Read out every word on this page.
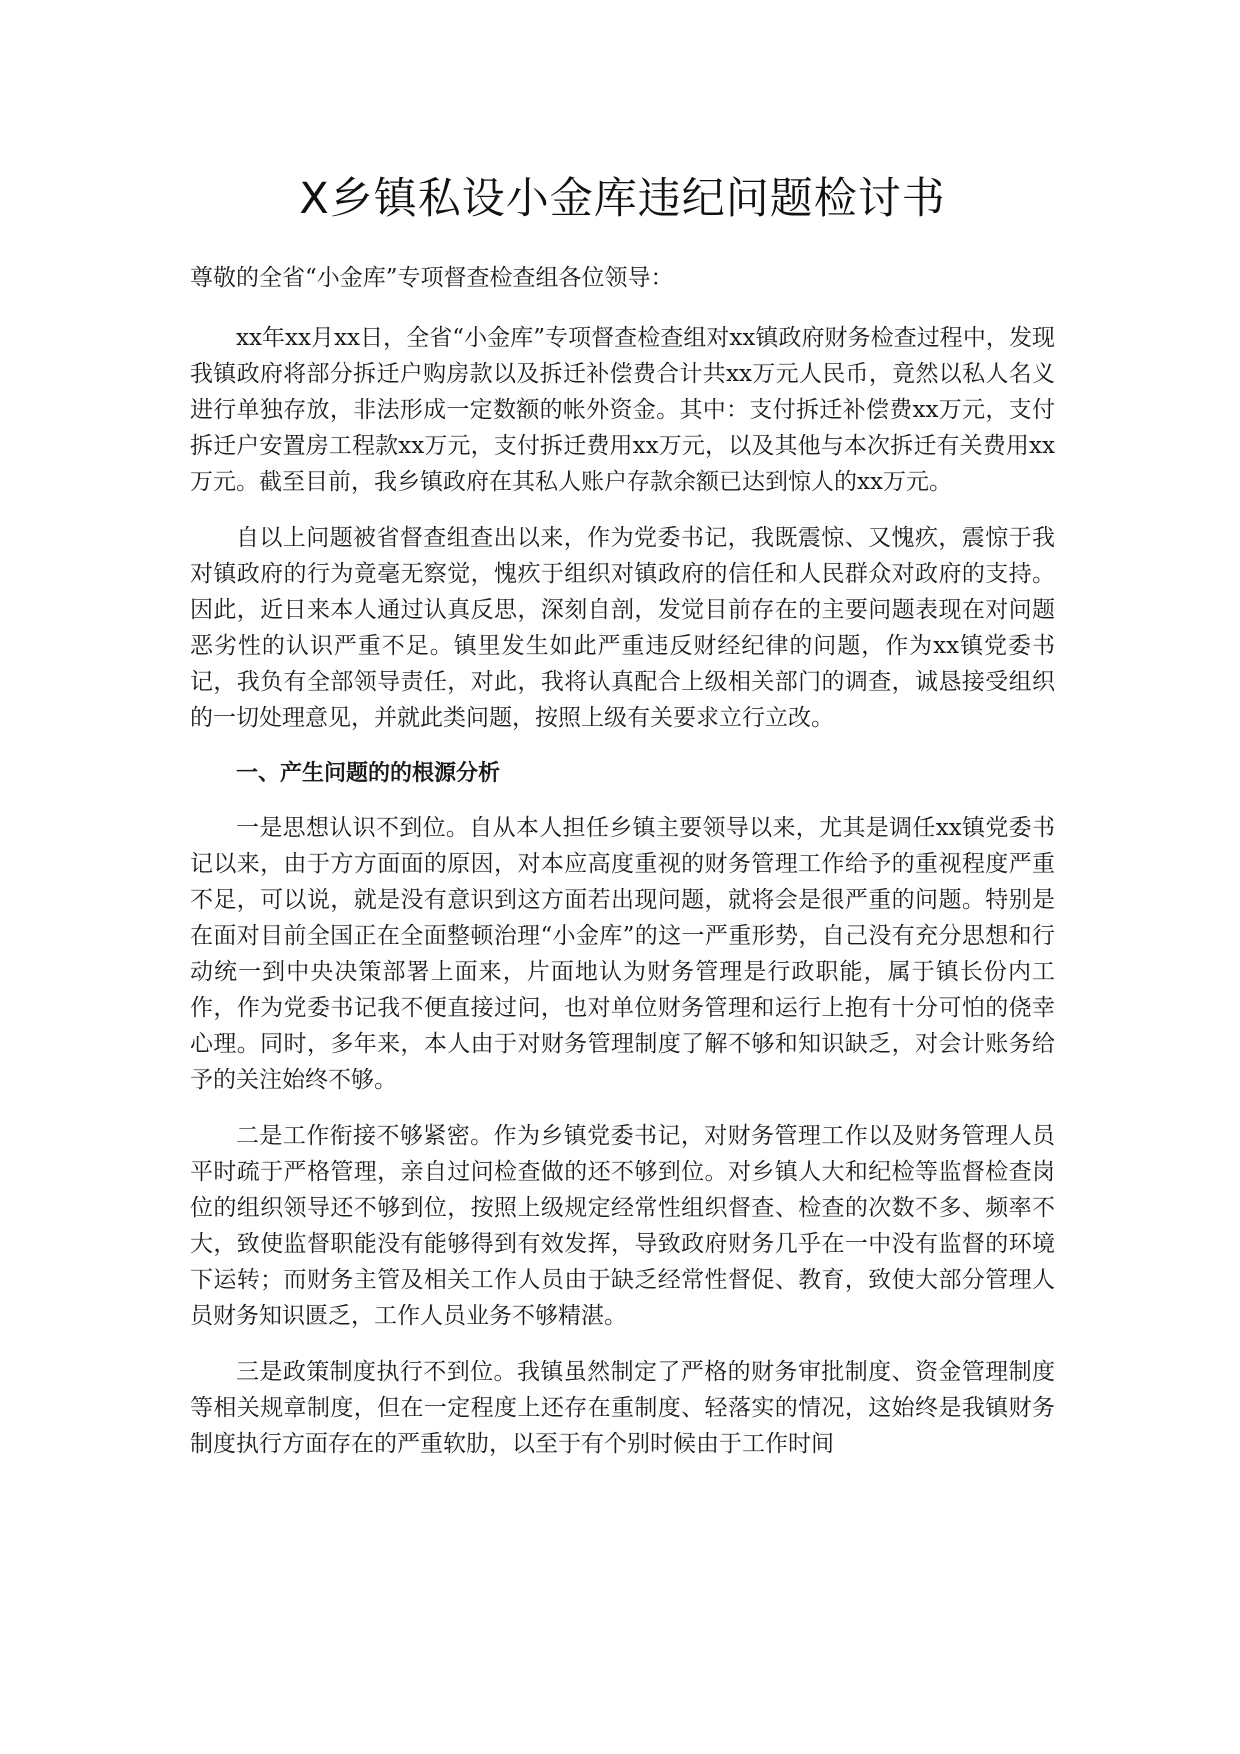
X乡镇私设小金库违纪问题检讨书

尊敬的全省“小金库”专项督查检查组各位领导：

xx年xx月xx日，全省“小金库”专项督查检查组对xx镇政府财务检查过程中，发现我镇政府将部分拆迁户购房款以及拆迁补偿费合计共xx万元人民币，竟然以私人名义进行单独存放，非法形成一定数额的帐外资金。其中：支付拆迁补偿费xx万元，支付拆迁户安置房工程款xx万元，支付拆迁费用xx万元，以及其他与本次拆迁有关费用xx万元。截至目前，我乡镇政府在其私人账户存款余额已达到惊人的xx万元。

自以上问题被省督查组查出以来，作为党委书记，我既震惊、又愧疚，震惊于我对镇政府的行为竟毫无察觉，愧疚于组织对镇政府的信任和人民群众对政府的支持。因此，近日来本人通过认真反思，深刻自剖，发觉目前存在的主要问题表现在对问题恶劣性的认识严重不足。镇里发生如此严重违反财经纪律的问题，作为xx镇党委书记，我负有全部领导责任，对此，我将认真配合上级相关部门的调查，诚恳接受组织的一切处理意见，并就此类问题，按照上级有关要求立行立改。

一、产生问题的的根源分析

一是思想认识不到位。自从本人担任乡镇主要领导以来，尤其是调任xx镇党委书记以来，由于方方面面的原因，对本应高度重视的财务管理工作给予的重视程度严重不足，可以说，就是没有意识到这方面若出现问题，就将会是很严重的问题。特别是在面对目前全国正在全面整顿治理“小金库”的这一严重形势，自己没有充分思想和行动统一到中央决策部署上面来，片面地认为财务管理是行政职能，属于镇长份内工作，作为党委书记我不便直接过问，也对单位财务管理和运行上抱有十分可怕的侥幸心理。同时，多年来，本人由于对财务管理制度了解不够和知识缺乏，对会计账务给予的关注始终不够。

二是工作衔接不够紧密。作为乡镇党委书记，对财务管理工作以及财务管理人员平时疏于严格管理，亲自过问检查做的还不够到位。对乡镇人大和纪检等监督检查岗位的组织领导还不够到位，按照上级规定经常性组织督查、检查的次数不多、频率不大，致使监督职能没有能够得到有效发挥，导致政府财务几乎在一中没有监督的环境下运转；而财务主管及相关工作人员由于缺乏经常性督促、教育，致使大部分管理人员财务知识匮乏，工作人员业务不够精湛。

三是政策制度执行不到位。我镇虽然制定了严格的财务审批制度、资金管理制度等相关规章制度，但在一定程度上还存在重制度、轻落实的情况，这始终是我镇财务制度执行方面存在的严重软肋，以至于有个别时候由于工作时间
